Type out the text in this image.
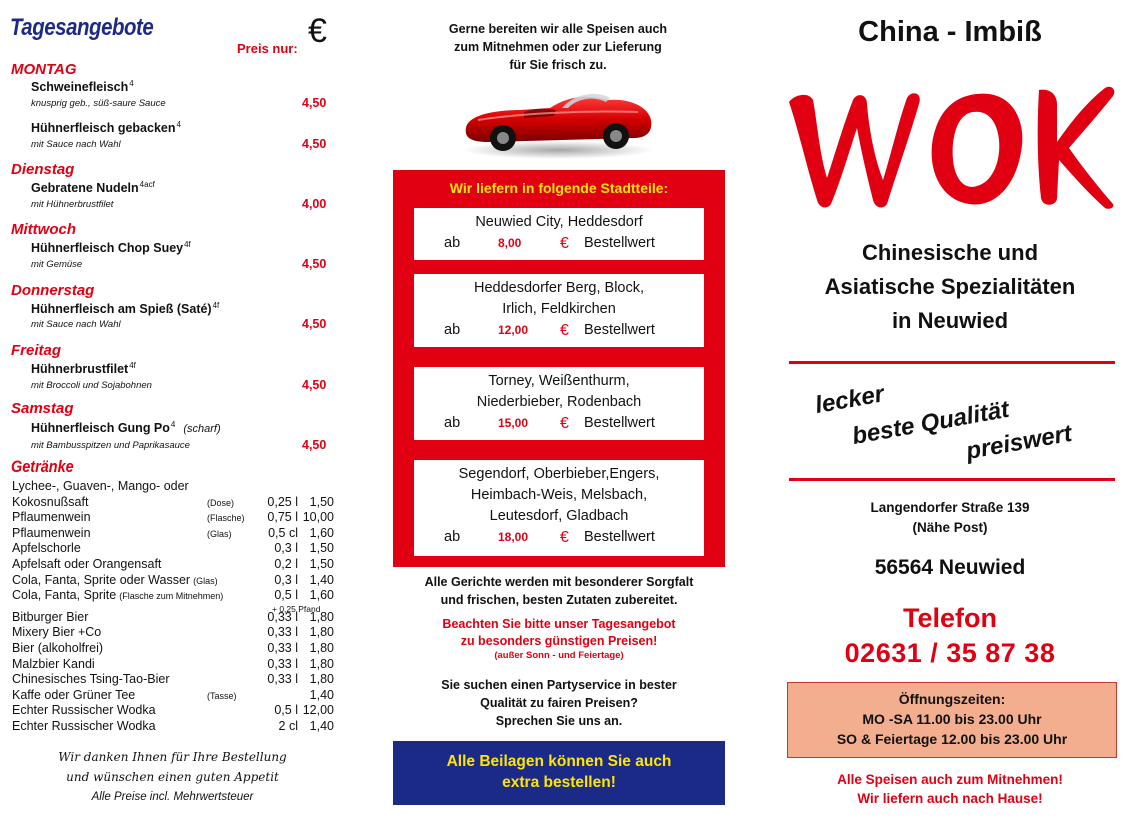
Tagesangebote	€
Preis nur:
MONTAG
Schweinefleisch$^4$
knusprig geb., süß-saure Sauce	4,50
Hühnerfleisch gebacken$^4$
mit Sauce nach Wahl	4,50
Dienstag
Gebratene Nudeln$^{4acf}$
mit Hühnerbrustfilet	4,00
Mittwoch
Hühnerfleisch Chop Suey$^{4f}$
mit Gemüse	4,50
Donnerstag
Hühnerfleisch am Spieß (Saté)$^{4f}$
mit Sauce nach Wahl	4,50
Freitag
Hühnerbrustfilet$^{4f}$
mit Broccoli und Sojabohnen	4,50
Samstag
Hühnerfleisch Gung Po$^4$ (scharf)
mit Bambusspitzen und Paprikasauce	4,50
Getränke
Lychee-, Guaven-, Mango- oder
Kokosnußsaft	(Dose)	0,25 l 1,50
Pflaumenwein	(Flasche) 0,75 l 10,00
Pflaumenwein	(Glas)	0,5 cl 1,60
Apfelschorle	0,3 l 1,50
Apfelsaft oder Orangensaft	0,2 l 1,50
Cola, Fanta, Sprite oder Wasser (Glas)	0,3 l 1,40
Cola, Fanta, Sprite (Flasche zum Mitnehmen)	0,5 l 1,60
Bitburger Bier	0,33 l 1,80
Mixery Bier +Co	0,33 l 1,80
Bier (alkoholfrei)	0,33 l 1,80
Malzbier Kandi	0,33 l 1,80
Chinesisches Tsing-Tao-Bier	0,33 l 1,80
Kaffe oder Grüner Tee	(Tasse)	1,40
Echter Russischer Wodka	0,5 l 12,00
Echter Russischer Wodka	2 cl 1,40
+ 0,25 Pfand
Wir danken Ihnen für Ihre Bestellung
und wünschen einen guten Appetit
Alle Preise incl. Mehrwertsteuer
Gerne bereiten wir alle Speisen auch
zum Mitnehmen oder zur Lieferung
für Sie frisch zu.
Wir liefern in folgende Stadtteile:
Neuwied City, Heddesdorf
ab	8,00 € Bestellwert
Heddesdorfer Berg, Block,
Irlich, Feldkirchen
ab	12,00 € Bestellwert
Torney, Weißenthurm,
Niederbieber, Rodenbach
ab	15,00 € Bestellwert
Segendorf, Oberbieber,Engers,
Heimbach-Weis, Melsbach,
Leutesdorf, Gladbach
ab	18,00 € Bestellwert
Alle Gerichte werden mit besonderer Sorgfalt
und frischen, besten Zutaten zubereitet.
Beachten Sie bitte unser Tagesangebot
zu besonders günstigen Preisen!
(außer Sonn - und Feiertage)
Sie suchen einen Partyservice in bester
Qualität zu fairen Preisen?
Sprechen Sie uns an.
Alle Beilagen können Sie auch
extra bestellen!
China - Imbiß
Chinesische und
Asiatische Spezialitäten
in Neuwied
lecker
beste Qualität
preiswert
Langendorfer Straße 139
(Nähe Post)
56564 Neuwied
Telefon
02631 / 35 87 38
Öffnungszeiten:
MO -SA 11.00 bis 23.00 Uhr
SO & Feiertage 12.00 bis 23.00 Uhr
Alle Speisen auch zum Mitnehmen!
Wir liefern auch nach Hause!
